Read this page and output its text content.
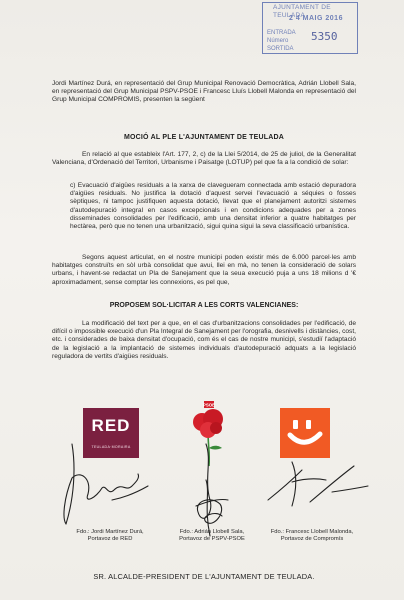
AJUNTAMENT DE TEULADA
2 4 MAIG 2016
ENTRADA
Número
SORTIDA
5350
Jordi Martínez Durá, en representació del Grup Municipal Renovació Democràtica, Adrián Llobell Sala, en representació del Grup Municipal PSPV-PSOE i Francesc Lluís Llobell Malonda en representació del Grup Municipal COMPROMIS, presenten la següent
MOCIÓ AL PLE L'AJUNTAMENT DE TEULADA
En relació al que estableix l'Art. 177, 2, c) de la Llei 5/2014, de 25 de juliol, de la Generalitat Valenciana, d'Ordenació del Territori, Urbanisme i Paisatge (LOTUP) pel que fa a la condició de solar:
c) Evacuació d'aigües residuals a la xarxa de clavegueram connectada amb estació depuradora d'aigües residuals. No justifica la dotació d'aquest servei l'evacuació a séquies o fosses sèptiques, ni tampoc justifiquen aquesta dotació, llevat que el planejament autoritzi sistemes d'autodepuració integral en casos excepcionals i en condicions adequades per a zones disseminades consolidades per l'edificació, amb una densitat inferior a quatre habitatges per hectàrea, però que no tenen una urbanització, sigui quina sigui la seva classificació urbanística.
Segons aquest articulat, en el nostre municipi poden existir més de 6.000 parcel·les amb habitatges construïts en sòl urbà consolidat que avui, llei en mà, no tenen la consideració de solars urbans, i havent-se redactat un Pla de Sanejament que la seua execució puja a uns 18 milions d '€ aproximadament, sense comptar les connexions, es pel que,
PROPOSEM SOL·LICITAR A LES CORTS VALENCIANES:
La modificació del text per a que, en el cas d'urbanitzacions consolidades per l'edificació, de difícil o impossible execució d'un Pla Integral de Sanejament per l'orografia, desnivells i distàncies, cost, etc. i considerades de baixa densitat d'ocupació, com és el cas de nostre municipi, s'estudiï l'adaptació de la legislació a la implantació de sistemes individuals d'autodepuració adquats a la legislació reguladora de vertits d'aigües residuals.
RED
TEULADA·MORAIRA
PSOE
Fdo.: Jordi Martínez Durá,
Portavoz de RED
Fdo.: Adrián Llobell Sala,
Portavoz de PSPV-PSOE
Fdo.: Francesc Llobell Malonda,
Portavoz de Compromís
SR. ALCALDE-PRESIDENT DE L'AJUNTAMENT DE TEULADA.
